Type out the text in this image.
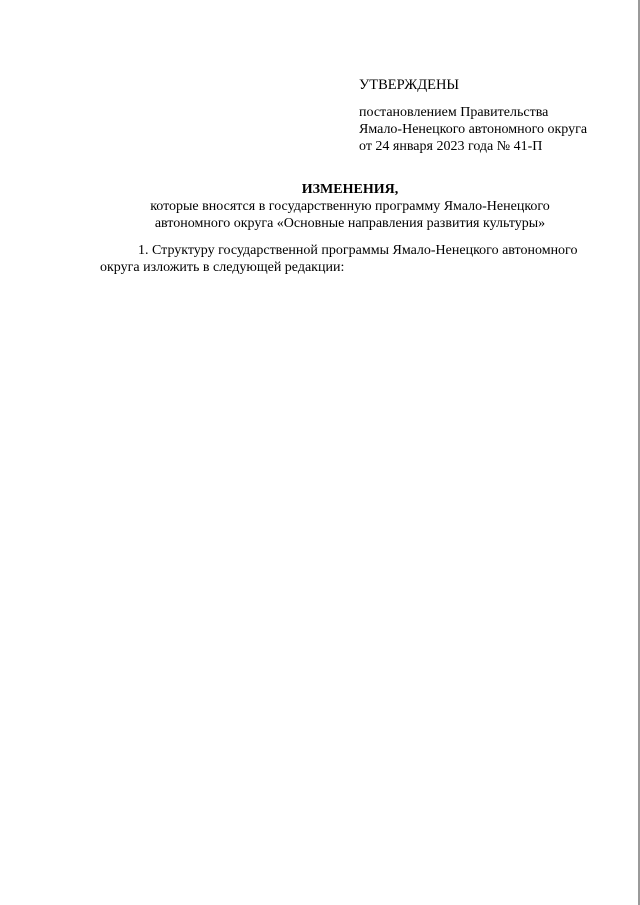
УТВЕРЖДЕНЫ
постановлением Правительства
Ямало-Ненецкого автономного округа
от 24 января 2023 года № 41-П
ИЗМЕНЕНИЯ,
которые вносятся в государственную программу Ямало-Ненецкого
автономного округа «Основные направления развития культуры»
1. Структуру государственной программы Ямало-Ненецкого автономного
округа изложить в следующей редакции:
